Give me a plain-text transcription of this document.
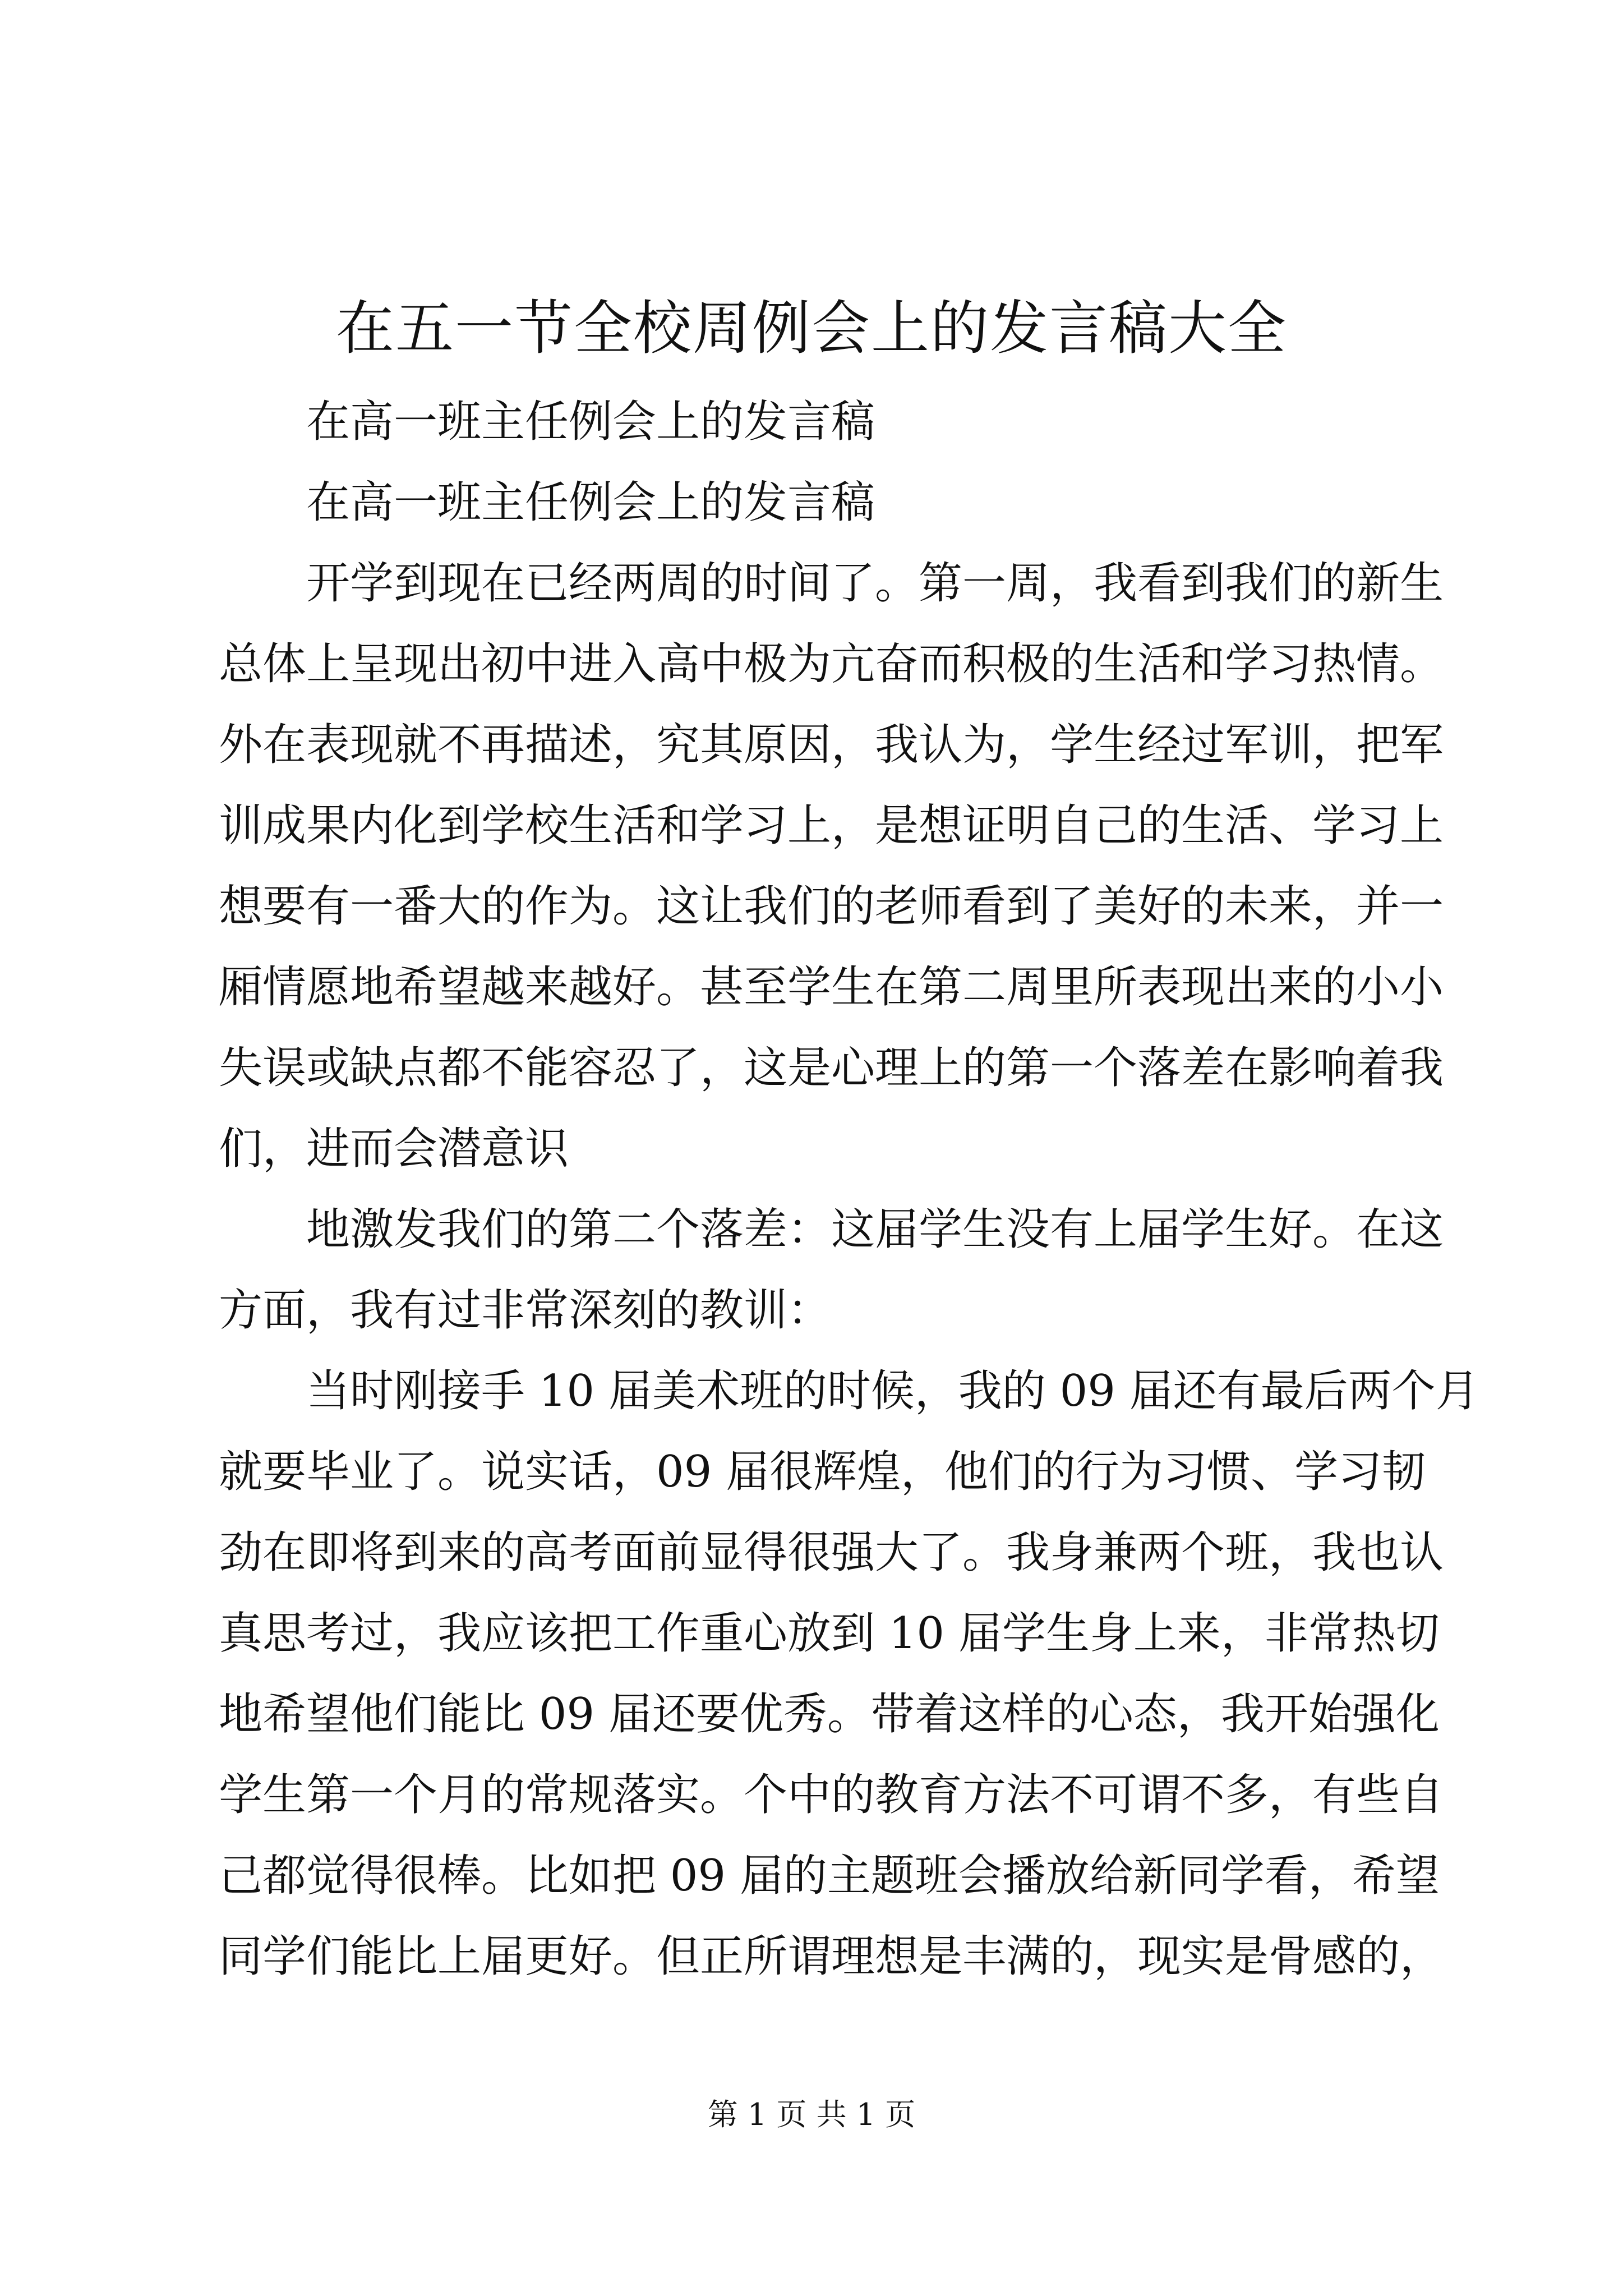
在五一节全校周例会上的发言稿大全
在高一班主任例会上的发言稿
在高一班主任例会上的发言稿
开学到现在已经两周的时间了。第一周，我看到我们的新生
总体上呈现出初中进入高中极为亢奋而积极的生活和学习热情。
外在表现就不再描述，究其原因，我认为，学生经过军训，把军
训成果内化到学校生活和学习上，是想证明自己的生活、学习上
想要有一番大的作为。这让我们的老师看到了美好的未来，并一
厢情愿地希望越来越好。甚至学生在第二周里所表现出来的小小
失误或缺点都不能容忍了，这是心理上的第一个落差在影响着我
们，进而会潜意识
地激发我们的第二个落差：这届学生没有上届学生好。在这
方面，我有过非常深刻的教训：
当时刚接手 10 届美术班的时候，我的 09 届还有最后两个月
就要毕业了。说实话，09 届很辉煌，他们的行为习惯、学习韧
劲在即将到来的高考面前显得很强大了。我身兼两个班，我也认
真思考过，我应该把工作重心放到 10 届学生身上来，非常热切
地希望他们能比 09 届还要优秀。带着这样的心态，我开始强化
学生第一个月的常规落实。个中的教育方法不可谓不多，有些自
己都觉得很棒。比如把 09 届的主题班会播放给新同学看，希望
同学们能比上届更好。但正所谓理想是丰满的，现实是骨感的，
第 1 页 共 1 页
